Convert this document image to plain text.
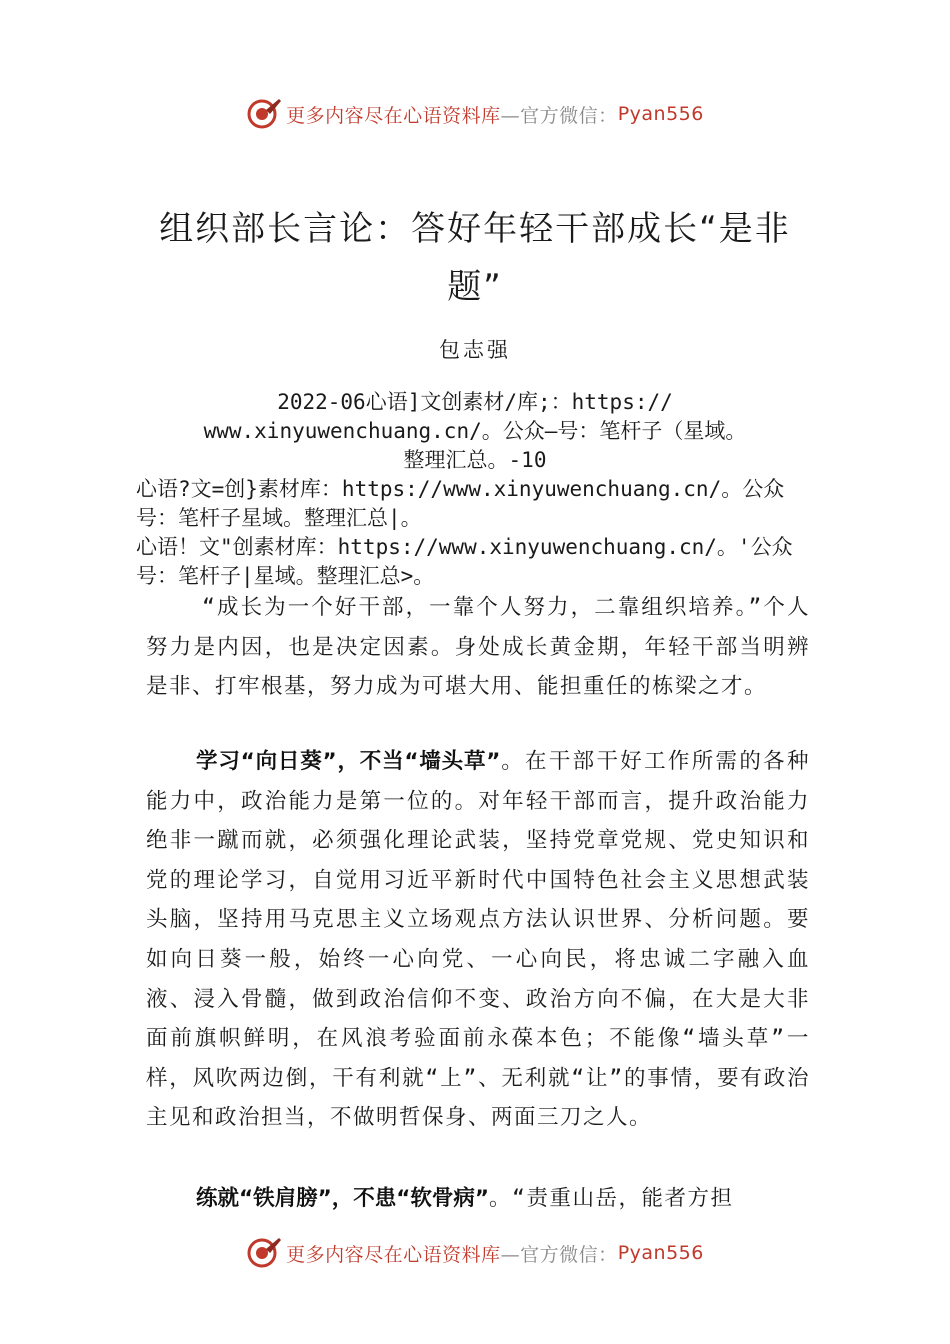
更多内容尽在心语资料库 —官方微信： Pyan556
组织部长言论：答好年轻干部成长“是非
题”
包志强
2022-06心语]文创素材/库;：https://
www.xinyuwenchuang.cn/。公众—号：笔杆子（星域。
整理汇总。-10
心语?文=创}素材库：https://www.xinyuwenchuang.cn/。公众号：笔杆子星域。整理汇总|。
心语！文"创素材库：https://www.xinyuwenchuang.cn/。'公众号：笔杆子|星域。整理汇总>。
“成长为一个好干部，一靠个人努力，二靠组织培养。”个人努力是内因，也是决定因素。身处成长黄金期，年轻干部当明辨是非、打牢根基，努力成为可堪大用、能担重任的栋梁之才。
学习“向日葵”，不当“墙头草”。在干部干好工作所需的各种能力中，政治能力是第一位的。对年轻干部而言，提升政治能力绝非一蹴而就，必须强化理论武装，坚持党章党规、党史知识和党的理论学习，自觉用习近平新时代中国特色社会主义思想武装头脑，坚持用马克思主义立场观点方法认识世界、分析问题。要如向日葵一般，始终一心向党、一心向民，将忠诚二字融入血液、浸入骨髓，做到政治信仰不变、政治方向不偏，在大是大非面前旗帜鲜明，在风浪考验面前永葆本色；不能像“墙头草”一样，风吹两边倒，干有利就“上”、无利就“让”的事情，要有政治主见和政治担当，不做明哲保身、两面三刀之人。
练就“铁肩膀”，不患“软骨病”。“责重山岳，能者方担
更多内容尽在心语资料库 —官方微信： Pyan556
